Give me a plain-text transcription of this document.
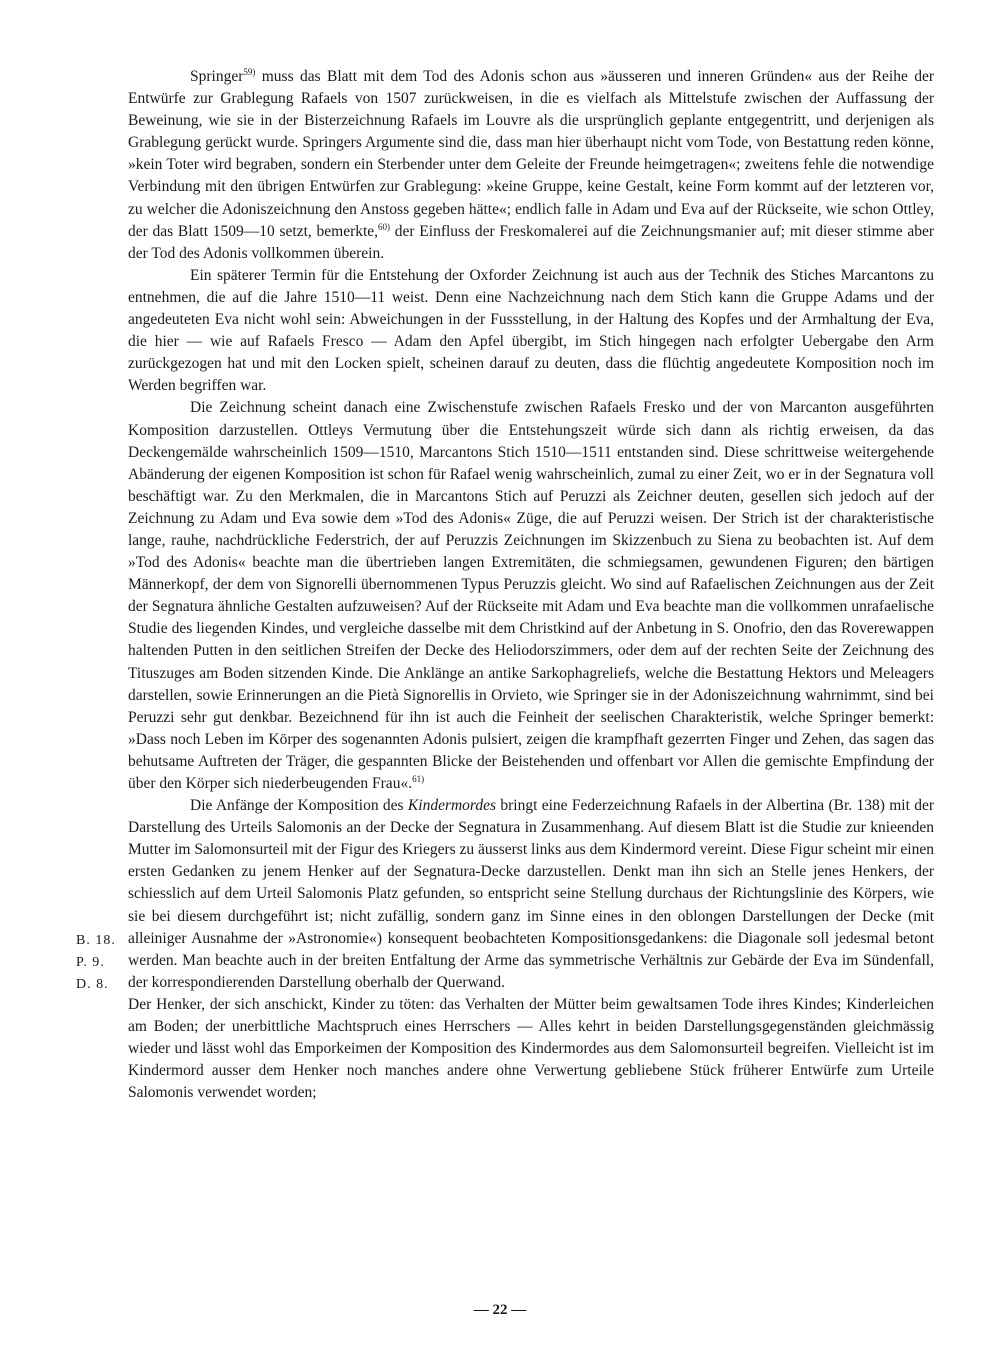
Springer$^{59)}$ muss das Blatt mit dem Tod des Adonis schon aus »äusseren und inneren Gründen« aus der Reihe der Entwürfe zur Grablegung Rafaels von 1507 zurückweisen, in die es vielfach als Mittelstufe zwischen der Auffassung der Beweinung, wie sie in der Bisterzeichnung Rafaels im Louvre als die ursprünglich geplante entgegentritt, und derjenigen als Grablegung gerückt wurde. Springers Argumente sind die, dass man hier überhaupt nicht vom Tode, von Bestattung reden könne, »kein Toter wird begraben, sondern ein Sterbender unter dem Geleite der Freunde heimgetragen«; zweitens fehle die notwendige Verbindung mit den übrigen Entwürfen zur Grablegung: »keine Gruppe, keine Gestalt, keine Form kommt auf der letzteren vor, zu welcher die Adoniszeichnung den Anstoss gegeben hätte«; endlich falle in Adam und Eva auf der Rückseite, wie schon Ottley, der das Blatt 1509—10 setzt, bemerkte,$^{60)}$ der Einfluss der Freskomalerei auf die Zeichnungsmanier auf; mit dieser stimme aber der Tod des Adonis vollkommen überein.

Ein späterer Termin für die Entstehung der Oxforder Zeichnung ist auch aus der Technik des Stiches Marcantons zu entnehmen, die auf die Jahre 1510—11 weist. Denn eine Nachzeichnung nach dem Stich kann die Gruppe Adams und der angedeuteten Eva nicht wohl sein: Abweichungen in der Fussstellung, in der Haltung des Kopfes und der Armhaltung der Eva, die hier — wie auf Rafaels Fresco — Adam den Apfel übergibt, im Stich hingegen nach erfolgter Uebergabe den Arm zurückgezogen hat und mit den Locken spielt, scheinen darauf zu deuten, dass die flüchtig angedeutete Komposition noch im Werden begriffen war.

Die Zeichnung scheint danach eine Zwischenstufe zwischen Rafaels Fresko und der von Marcanton ausgeführten Komposition darzustellen. Ottleys Vermutung über die Entstehungszeit würde sich dann als richtig erweisen, da das Deckengemälde wahrscheinlich 1509—1510, Marcantons Stich 1510—1511 entstanden sind. Diese schrittweise weitergehende Abänderung der eigenen Komposition ist schon für Rafael wenig wahrscheinlich, zumal zu einer Zeit, wo er in der Segnatura voll beschäftigt war. Zu den Merkmalen, die in Marcantons Stich auf Peruzzi als Zeichner deuten, gesellen sich jedoch auf der Zeichnung zu Adam und Eva sowie dem »Tod des Adonis« Züge, die auf Peruzzi weisen. Der Strich ist der charakteristische lange, rauhe, nachdrückliche Federstrich, der auf Peruzzis Zeichnungen im Skizzenbuch zu Siena zu beobachten ist. Auf dem »Tod des Adonis« beachte man die übertrieben langen Extremitäten, die schmiegsamen, gewundenen Figuren; den bärtigen Männerkopf, der dem von Signorelli übernommenen Typus Peruzzis gleicht. Wo sind auf Rafaelischen Zeichnungen aus der Zeit der Segnatura ähnliche Gestalten aufzuweisen? Auf der Rückseite mit Adam und Eva beachte man die vollkommen unrafaelische Studie des liegenden Kindes, und vergleiche dasselbe mit dem Christkind auf der Anbetung in S. Onofrio, den das Roverewappen haltenden Putten in den seitlichen Streifen der Decke des Heliodorszimmers, oder dem auf der rechten Seite der Zeichnung des Tituszuges am Boden sitzenden Kinde. Die Anklänge an antike Sarkophagreliefs, welche die Bestattung Hektors und Meleagers darstellen, sowie Erinnerungen an die Pietà Signorellis in Orvieto, wie Springer sie in der Adoniszeichnung wahrnimmt, sind bei Peruzzi sehr gut denkbar. Bezeichnend für ihn ist auch die Feinheit der seelischen Charakteristik, welche Springer bemerkt: »Dass noch Leben im Körper des sogenannten Adonis pulsiert, zeigen die krampfhaft gezerrten Finger und Zehen, das sagen das behutsame Auftreten der Träger, die gespannten Blicke der Beistehenden und offenbart vor Allen die gemischte Empfindung der über den Körper sich niederbeugenden Frau«.$^{61)}$

Die Anfänge der Komposition des Kindermordes bringt eine Federzeichnung Rafaels in der Albertina (Br. 138) mit der Darstellung des Urteils Salomonis an der Decke der Segnatura in Zusammenhang. Auf diesem Blatt ist die Studie zur knieenden Mutter im Salomonsurteil mit der Figur des Kriegers zu äusserst links aus dem Kindermord vereint. Diese Figur scheint mir einen ersten Gedanken zu jenem Henker auf der Segnatura-Decke darzustellen. Denkt man ihn sich an Stelle jenes Henkers, der schiesslich auf dem Urteil Salomonis Platz gefunden, so entspricht seine Stellung durchaus der Richtungslinie des Körpers, wie sie bei diesem durchgeführt ist; nicht zufällig, sondern ganz im Sinne eines in den oblongen Darstellungen der Decke (mit alleiniger Ausnahme der »Astronomie«) konsequent beobachteten Kompositionsgedankens: die Diagonale soll jedesmal betont werden. Man beachte auch in der breiten Entfaltung der Arme das symmetrische Verhältnis zur Gebärde der Eva im Sündenfall, der korrespondierenden Darstellung oberhalb der Querwand.

Der Henker, der sich anschickt, Kinder zu töten: das Verhalten der Mütter beim gewaltsamen Tode ihres Kindes; Kinderleichen am Boden; der unerbittliche Machtspruch eines Herrschers — Alles kehrt in beiden Darstellungsgegenständen gleichmässig wieder und lässt wohl das Emporkeimen der Komposition des Kindermordes aus dem Salomonsurteil begreifen. Vielleicht ist im Kindermord ausser dem Henker noch manches andere ohne Verwertung gebliebene Stück früherer Entwürfe zum Urteile Salomonis verwendet worden;

B. 18.
P. 9.
D. 8.
— 22 —
